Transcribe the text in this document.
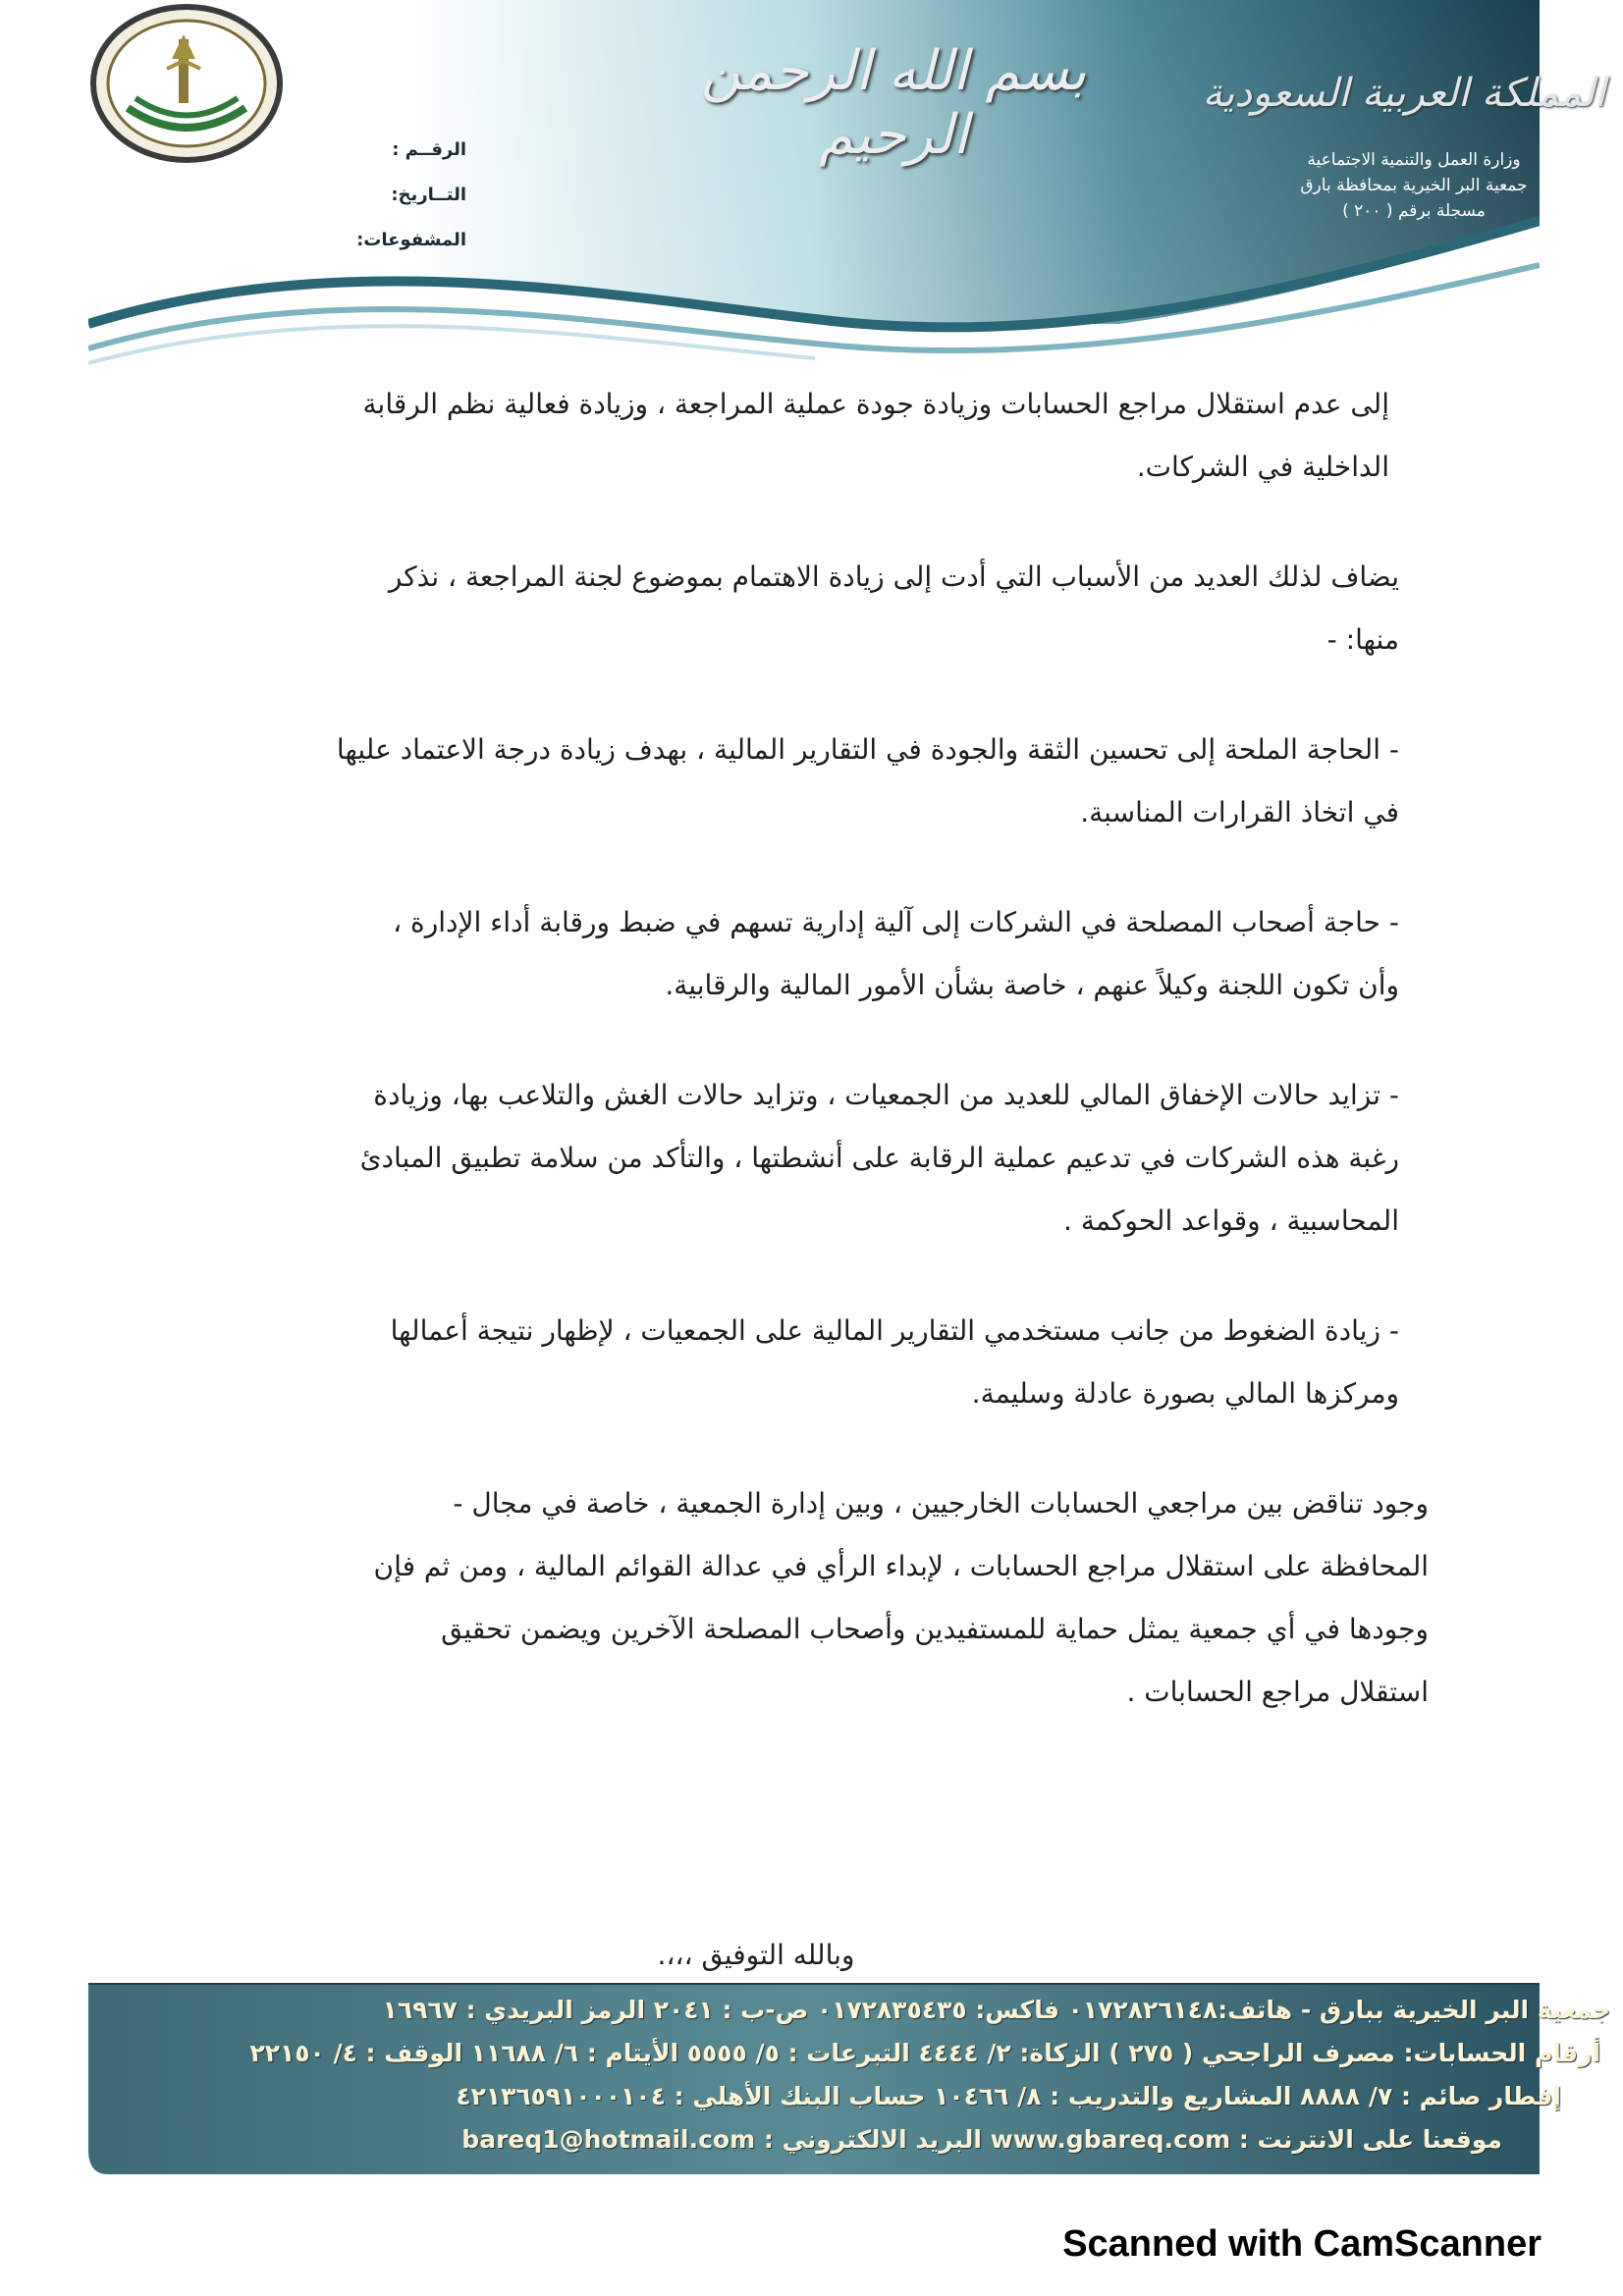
بسم الله الرحمن الرحيم
المملكة العربية السعودية
وزارة العمل والتنمية الاجتماعية
جمعية البر الخيرية بمحافظة بارق
مسجلة برقم ( ٢٠٠ )
الرقــم :
التــاريخ:
المشفوعات:

إلى عدم استقلال مراجع الحسابات وزيادة جودة عملية المراجعة ، وزيادة فعالية نظم الرقابة

الداخلية في الشركات.

يضاف لذلك العديد من الأسباب التي أدت إلى زيادة الاهتمام بموضوع لجنة المراجعة ، نذكر

منها: -

- الحاجة الملحة إلى تحسين الثقة والجودة في التقارير المالية ، بهدف زيادة درجة الاعتماد عليها

في اتخاذ القرارات المناسبة.

- حاجة أصحاب المصلحة في الشركات إلى آلية إدارية تسهم في ضبط ورقابة أداء الإدارة ،

وأن تكون اللجنة وكيلاً عنهم ، خاصة بشأن الأمور المالية والرقابية.

- تزايد حالات الإخفاق المالي للعديد من الجمعيات ، وتزايد حالات الغش والتلاعب بها، وزيادة

رغبة هذه الشركات في تدعيم عملية الرقابة على أنشطتها ، والتأكد من سلامة تطبيق المبادئ

المحاسبية ، وقواعد الحوكمة .

- زيادة الضغوط من جانب مستخدمي التقارير المالية على الجمعيات ، لإظهار نتيجة أعمالها

ومركزها المالي بصورة عادلة وسليمة.

وجود تناقض بين مراجعي الحسابات الخارجيين ، وبين إدارة الجمعية ، خاصة في مجال -

المحافظة على استقلال مراجع الحسابات ، لإبداء الرأي في عدالة القوائم المالية ، ومن ثم فإن

وجودها في أي جمعية يمثل حماية للمستفيدين وأصحاب المصلحة الآخرين ويضمن تحقيق

استقلال مراجع الحسابات .

وبالله التوفيق ،،،.
جمعية البر الخيرية ببارق - هاتف:٠١٧٢٨٢٦١٤٨ فاكس: ٠١٧٢٨٣٥٤٣٥ ص-ب : ٢٠٤١ الرمز البريدي : ١٦٩٦٧
أرقام الحسابات: مصرف الراجحي ( ٢٧٥ ) الزكاة: ٢/ ٤٤٤٤ التبرعات : ٥/ ٥٥٥٥ الأيتام : ٦/ ١١٦٨٨ الوقف : ٤/ ٢٢١٥٠
إفطار صائم : ٧/ ٨٨٨٨ المشاريع والتدريب : ٨/ ١٠٤٦٦ حساب البنك الأهلي : ٤٢١٣٦٥٩١٠٠٠١٠٤
موقعنا على الانترنت : www.gbareq.com البريد الالكتروني : bareq1@hotmail.com
Scanned with CamScanner
